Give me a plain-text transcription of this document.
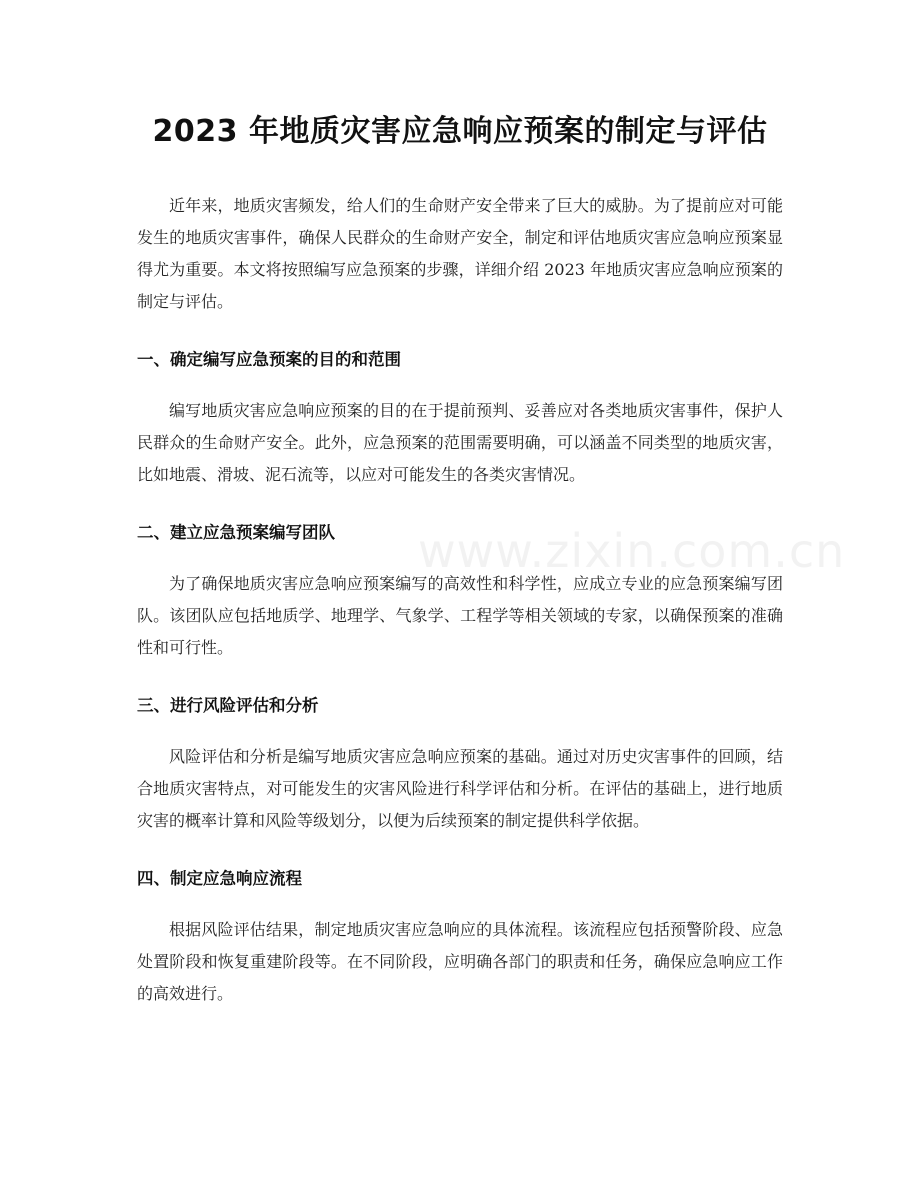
2023 年地质灾害应急响应预案的制定与评估

近年来，地质灾害频发，给人们的生命财产安全带来了巨大的威胁。为了提前应对可能发生的地质灾害事件，确保人民群众的生命财产安全，制定和评估地质灾害应急响应预案显得尤为重要。本文将按照编写应急预案的步骤，详细介绍 2023 年地质灾害应急响应预案的制定与评估。

一、确定编写应急预案的目的和范围

编写地质灾害应急响应预案的目的在于提前预判、妥善应对各类地质灾害事件，保护人民群众的生命财产安全。此外，应急预案的范围需要明确，可以涵盖不同类型的地质灾害，比如地震、滑坡、泥石流等，以应对可能发生的各类灾害情况。

二、建立应急预案编写团队

为了确保地质灾害应急响应预案编写的高效性和科学性，应成立专业的应急预案编写团队。该团队应包括地质学、地理学、气象学、工程学等相关领域的专家，以确保预案的准确性和可行性。

三、进行风险评估和分析

风险评估和分析是编写地质灾害应急响应预案的基础。通过对历史灾害事件的回顾，结合地质灾害特点，对可能发生的灾害风险进行科学评估和分析。在评估的基础上，进行地质灾害的概率计算和风险等级划分，以便为后续预案的制定提供科学依据。

四、制定应急响应流程

根据风险评估结果，制定地质灾害应急响应的具体流程。该流程应包括预警阶段、应急处置阶段和恢复重建阶段等。在不同阶段，应明确各部门的职责和任务，确保应急响应工作的高效进行。

www.zixin.com.cn
